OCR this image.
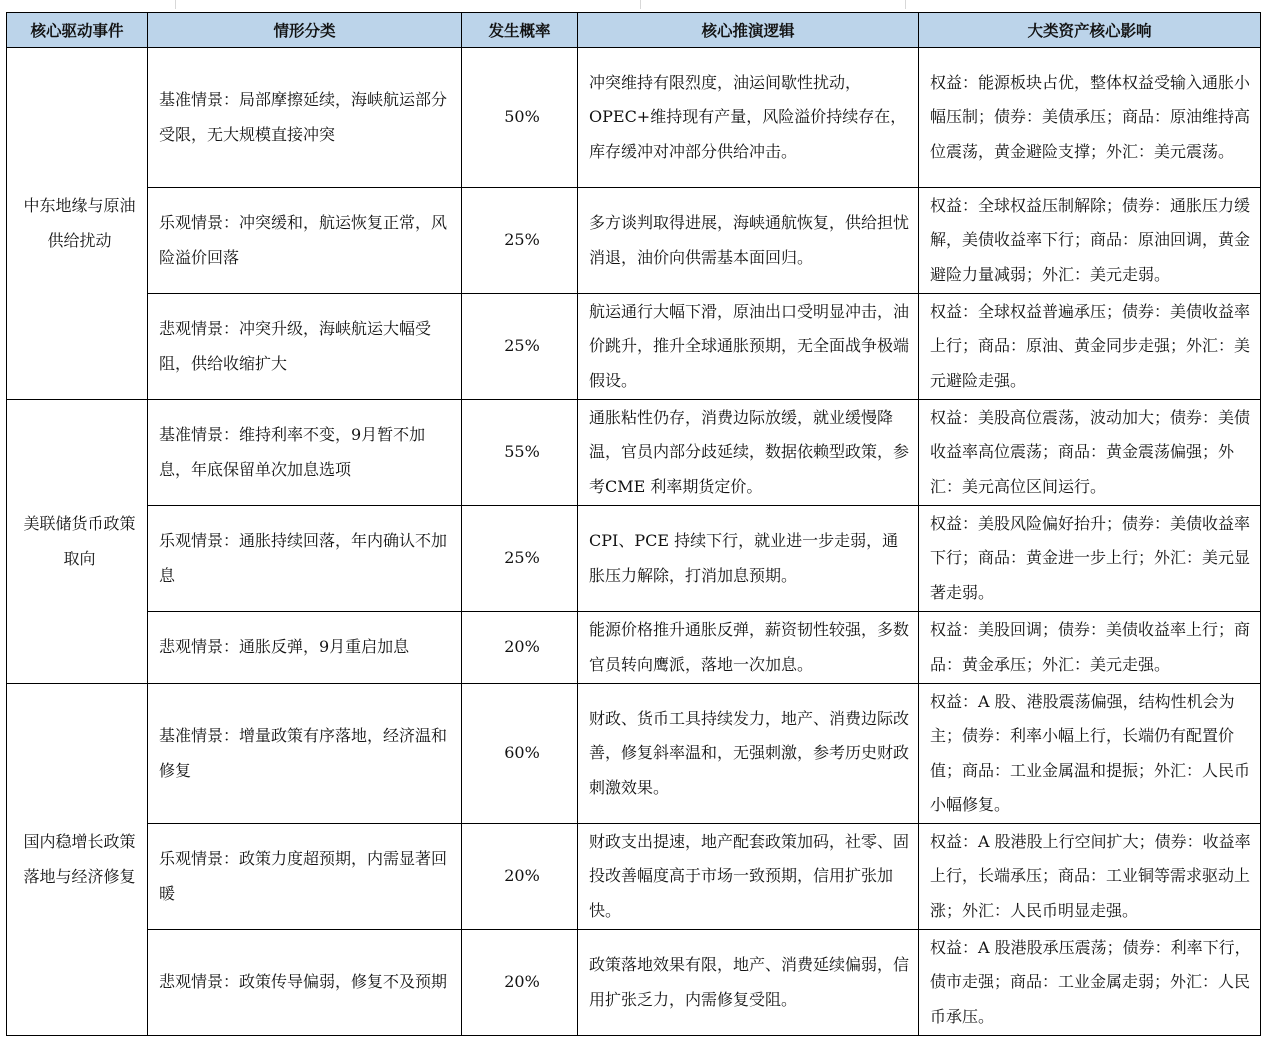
核心驱动事件	情形分类	发生概率	核心推演逻辑	大类资产核心影响
中东地缘与原油供给扰动	基准情景：局部摩擦延续，海峡航运部分受限，无大规模直接冲突	50%	冲突维持有限烈度，油运间歇性扰动，OPEC+维持现有产量，风险溢价持续存在，库存缓冲对冲部分供给冲击。	权益：能源板块占优，整体权益受输入通胀小幅压制；债券：美债承压；商品：原油维持高位震荡，黄金避险支撑；外汇：美元震荡。
	乐观情景：冲突缓和，航运恢复正常，风险溢价回落	25%	多方谈判取得进展，海峡通航恢复，供给担忧消退，油价向供需基本面回归。	权益：全球权益压制解除；债券：通胀压力缓解，美债收益率下行；商品：原油回调，黄金避险力量减弱；外汇：美元走弱。
	悲观情景：冲突升级，海峡航运大幅受阻，供给收缩扩大	25%	航运通行大幅下滑，原油出口受明显冲击，油价跳升，推升全球通胀预期，无全面战争极端假设。	权益：全球权益普遍承压；债券：美债收益率上行；商品：原油、黄金同步走强；外汇：美元避险走强。
美联储货币政策取向	基准情景：维持利率不变，9月暂不加息，年底保留单次加息选项	55%	通胀粘性仍存，消费边际放缓，就业缓慢降温，官员内部分歧延续，数据依赖型政策，参考CME 利率期货定价。	权益：美股高位震荡，波动加大；债券：美债收益率高位震荡；商品：黄金震荡偏强；外汇：美元高位区间运行。
	乐观情景：通胀持续回落，年内确认不加息	25%	CPI、PCE 持续下行，就业进一步走弱，通胀压力解除，打消加息预期。	权益：美股风险偏好抬升；债券：美债收益率下行；商品：黄金进一步上行；外汇：美元显著走弱。
	悲观情景：通胀反弹，9月重启加息	20%	能源价格推升通胀反弹，薪资韧性较强，多数官员转向鹰派，落地一次加息。	权益：美股回调；债券：美债收益率上行；商品：黄金承压；外汇：美元走强。
国内稳增长政策落地与经济修复	基准情景：增量政策有序落地，经济温和修复	60%	财政、货币工具持续发力，地产、消费边际改善，修复斜率温和，无强刺激，参考历史财政刺激效果。	权益：A 股、港股震荡偏强，结构性机会为主；债券：利率小幅上行，长端仍有配置价值；商品：工业金属温和提振；外汇：人民币小幅修复。
	乐观情景：政策力度超预期，内需显著回暖	20%	财政支出提速，地产配套政策加码，社零、固投改善幅度高于市场一致预期，信用扩张加快。	权益：A 股港股上行空间扩大；债券：收益率上行，长端承压；商品：工业铜等需求驱动上涨；外汇：人民币明显走强。
	悲观情景：政策传导偏弱，修复不及预期	20%	政策落地效果有限，地产、消费延续偏弱，信用扩张乏力，内需修复受阻。	权益：A 股港股承压震荡；债券：利率下行，债市走强；商品：工业金属走弱；外汇：人民币承压。
